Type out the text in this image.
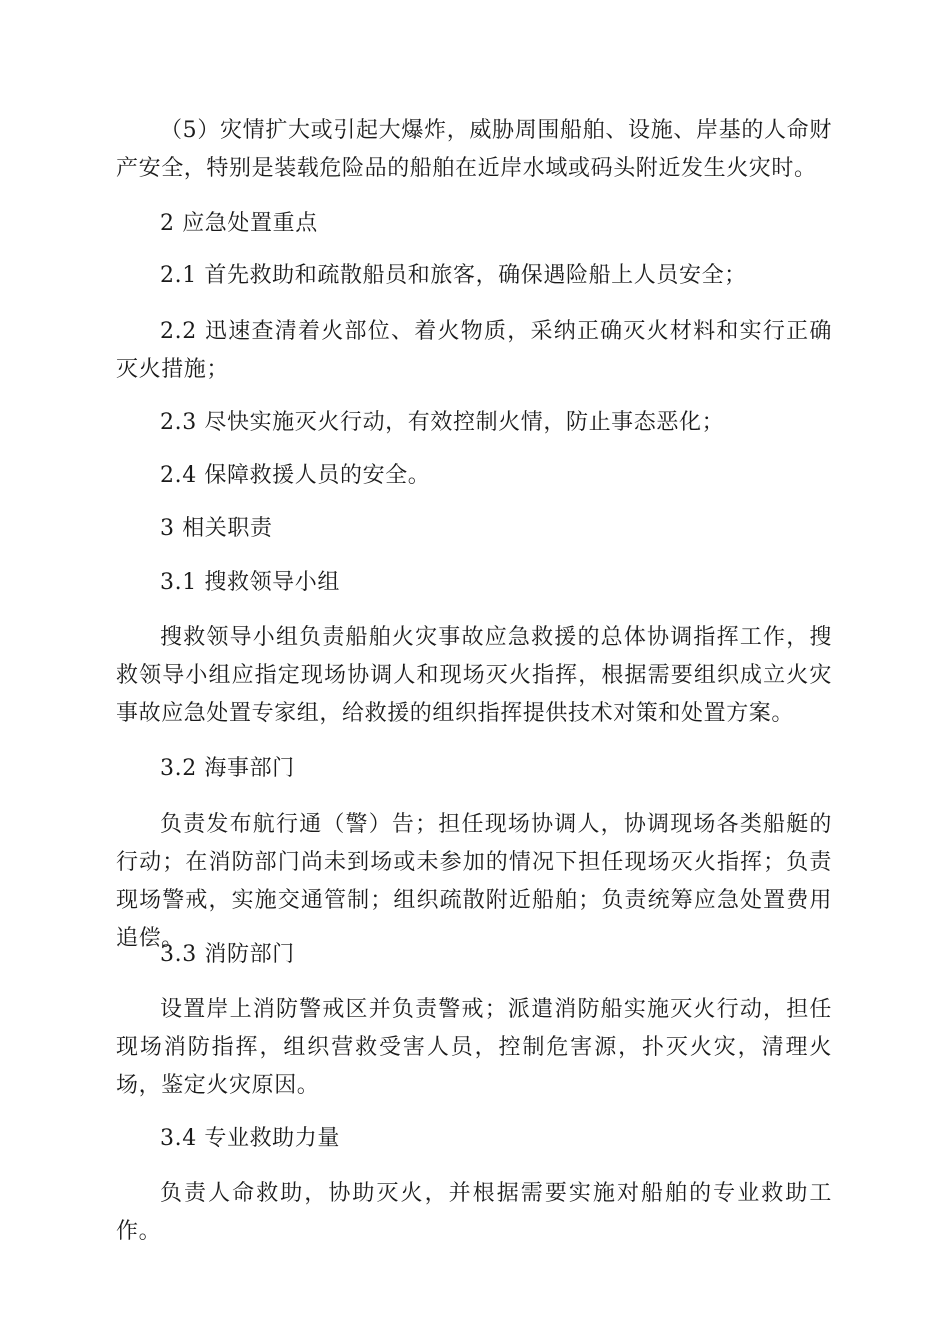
（5）灾情扩大或引起大爆炸，威胁周围船舶、设施、岸基的人命财产安全，特别是装载危险品的船舶在近岸水域或码头附近发生火灾时。

2 应急处置重点

2.1 首先救助和疏散船员和旅客，确保遇险船上人员安全；

2.2 迅速查清着火部位、着火物质，采纳正确灭火材料和实行正确灭火措施；

2.3 尽快实施灭火行动，有效控制火情，防止事态恶化；

2.4 保障救援人员的安全。

3 相关职责

3.1 搜救领导小组

搜救领导小组负责船舶火灾事故应急救援的总体协调指挥工作，搜救领导小组应指定现场协调人和现场灭火指挥，根据需要组织成立火灾事故应急处置专家组，给救援的组织指挥提供技术对策和处置方案。

3.2 海事部门

负责发布航行通（警）告；担任现场协调人，协调现场各类船艇的行动；在消防部门尚未到场或未参加的情况下担任现场灭火指挥；负责现场警戒，实施交通管制；组织疏散附近船舶；负责统筹应急处置费用追偿。

3.3 消防部门

设置岸上消防警戒区并负责警戒；派遣消防船实施灭火行动，担任现场消防指挥，组织营救受害人员，控制危害源，扑灭火灾，清理火场，鉴定火灾原因。

3.4 专业救助力量

负责人命救助，协助灭火，并根据需要实施对船舶的专业救助工作。
